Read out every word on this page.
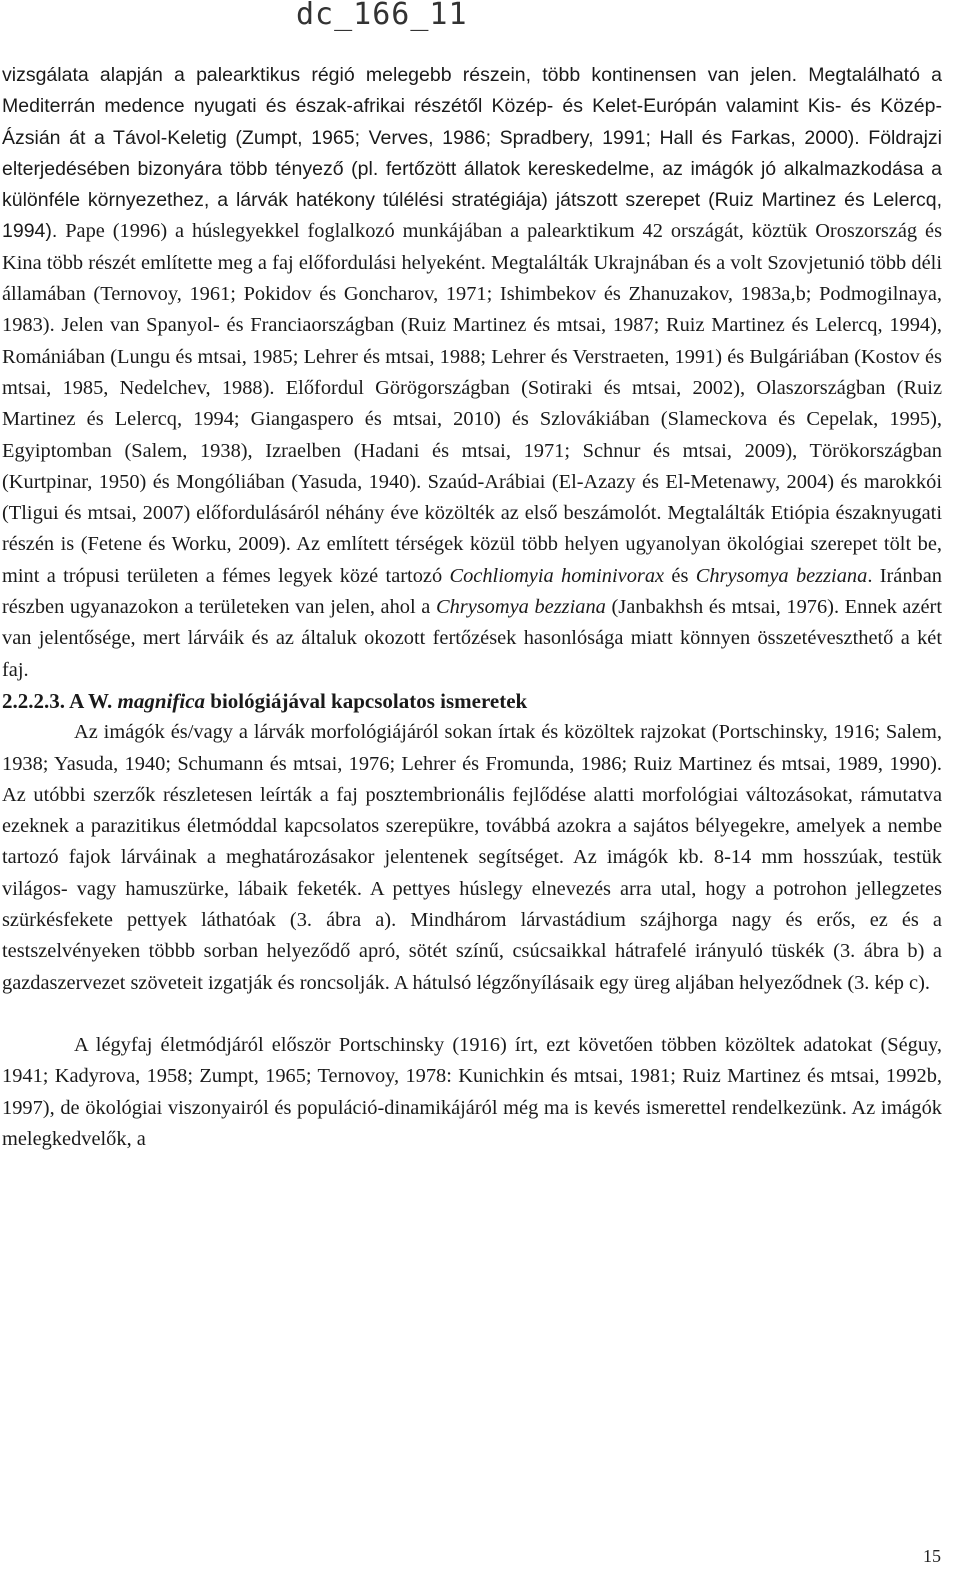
dc_166_11

vizsgálata alapján a palearktikus régió melegebb részein, több kontinensen van jelen. Megtalálható a Mediterrán medence nyugati és észak-afrikai részétől Közép- és Kelet-Európán valamint Kis- és Közép-Ázsián át a Távol-Keletig (Zumpt, 1965; Verves, 1986; Spradbery, 1991; Hall és Farkas, 2000). Földrajzi elterjedésében bizonyára több tényező (pl. fertőzött állatok kereskedelme, az imágók jó alkalmazkodása a különféle környezethez, a lárvák hatékony túlélési stratégiája) játszott szerepet (Ruiz Martinez és Lelercq, 1994). Pape (1996) a húslegyekkel foglalkozó munkájában a palearktikum 42 országát, köztük Oroszország és Kina több részét említette meg a faj előfordulási helyeként. Megtalálták Ukrajnában és a volt Szovjetunió több déli államában (Ternovoy, 1961; Pokidov és Goncharov, 1971; Ishimbekov és Zhanuzakov, 1983a,b; Podmogilnaya, 1983). Jelen van Spanyol- és Franciaországban (Ruiz Martinez és mtsai, 1987; Ruiz Martinez és Lelercq, 1994), Romániában (Lungu és mtsai, 1985; Lehrer és mtsai, 1988; Lehrer és Verstraeten, 1991) és Bulgáriában (Kostov és mtsai, 1985, Nedelchev, 1988). Előfordul Görögországban (Sotiraki és mtsai, 2002), Olaszországban (Ruiz Martinez és Lelercq, 1994; Giangaspero és mtsai, 2010) és Szlovákiában (Slameckova és Cepelak, 1995), Egyiptomban (Salem, 1938), Izraelben (Hadani és mtsai, 1971; Schnur és mtsai, 2009), Törökországban (Kurtpinar, 1950) és Mongóliában (Yasuda, 1940). Szaúd-Arábiai (El-Azazy és El-Metenawy, 2004) és marokkói (Tligui és mtsai, 2007) előfordulásáról néhány éve közölték az első beszámolót. Megtalálták Etiópia északnyugati részén is (Fetene és Worku, 2009). Az említett térségek közül több helyen ugyanolyan ökológiai szerepet tölt be, mint a trópusi területen a fémes legyek közé tartozó Cochliomyia hominivorax és Chrysomya bezziana. Iránban részben ugyanazokon a területeken van jelen, ahol a Chrysomya bezziana (Janbakhsh és mtsai, 1976). Ennek azért van jelentősége, mert lárváik és az általuk okozott fertőzések hasonlósága miatt könnyen összetéveszthető a két faj.

2.2.2.3. A W. magnifica biológiájával kapcsolatos ismeretek

Az imágók és/vagy a lárvák morfológiájáról sokan írtak és közöltek rajzokat (Portschinsky, 1916; Salem, 1938; Yasuda, 1940; Schumann és mtsai, 1976; Lehrer és Fromunda, 1986; Ruiz Martinez és mtsai, 1989, 1990). Az utóbbi szerzők részletesen leírták a faj posztembrionális fejlődése alatti morfológiai változásokat, rámutatva ezeknek a parazitikus életmóddal kapcsolatos szerepükre, továbbá azokra a sajátos bélyegekre, amelyek a nembe tartozó fajok lárváinak a meghatározásakor jelentenek segítséget. Az imágók kb. 8-14 mm hosszúak, testük világos- vagy hamuszürke, lábaik feketék. A pettyes húslegy elnevezés arra utal, hogy a potrohon jellegzetes szürkésfekete pettyek láthatóak (3. ábra a). Mindhárom lárvastádium szájhorga nagy és erős, ez és a testszelvényeken többb sorban helyeződő apró, sötét színű, csúcsaikkal hátrafelé irányuló tüskék (3. ábra b) a gazdaszervezet szöveteit izgatják és roncsolják. A hátulsó légzőnyílásaik egy üreg aljában helyeződnek (3. kép c).

A légyfaj életmódjáról először Portschinsky (1916) írt, ezt követően többen közöltek adatokat (Séguy, 1941; Kadyrova, 1958; Zumpt, 1965; Ternovoy, 1978: Kunichkin és mtsai, 1981; Ruiz Martinez és mtsai, 1992b, 1997), de ökológiai viszonyairól és populáció-dinamikájáról még ma is kevés ismerettel rendelkezünk. Az imágók melegkedvelők, a

15
